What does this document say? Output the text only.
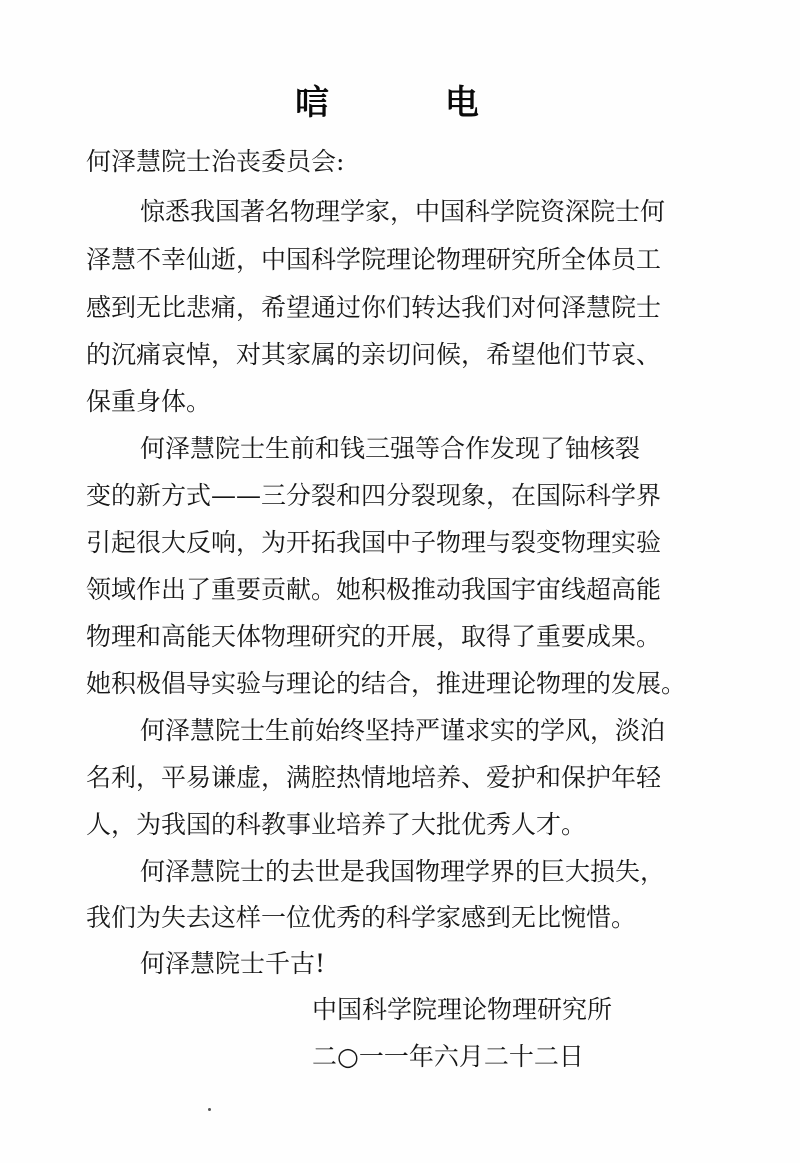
唁 电
何泽慧院士治丧委员会:
惊悉我国著名物理学家，中国科学院资深院士何
泽慧不幸仙逝，中国科学院理论物理研究所全体员工
感到无比悲痛，希望通过你们转达我们对何泽慧院士
的沉痛哀悼，对其家属的亲切问候，希望他们节哀、
保重身体。
何泽慧院士生前和钱三强等合作发现了铀核裂
变的新方式——三分裂和四分裂现象，在国际科学界
引起很大反响，为开拓我国中子物理与裂变物理实验
领域作出了重要贡献。她积极推动我国宇宙线超高能
物理和高能天体物理研究的开展，取得了重要成果。
她积极倡导实验与理论的结合，推进理论物理的发展。
何泽慧院士生前始终坚持严谨求实的学风，淡泊
名利，平易谦虚，满腔热情地培养、爱护和保护年轻
人，为我国的科教事业培养了大批优秀人才。
何泽慧院士的去世是我国物理学界的巨大损失，
我们为失去这样一位优秀的科学家感到无比惋惜。
何泽慧院士千古!
中国科学院理论物理研究所
二○一一年六月二十二日
